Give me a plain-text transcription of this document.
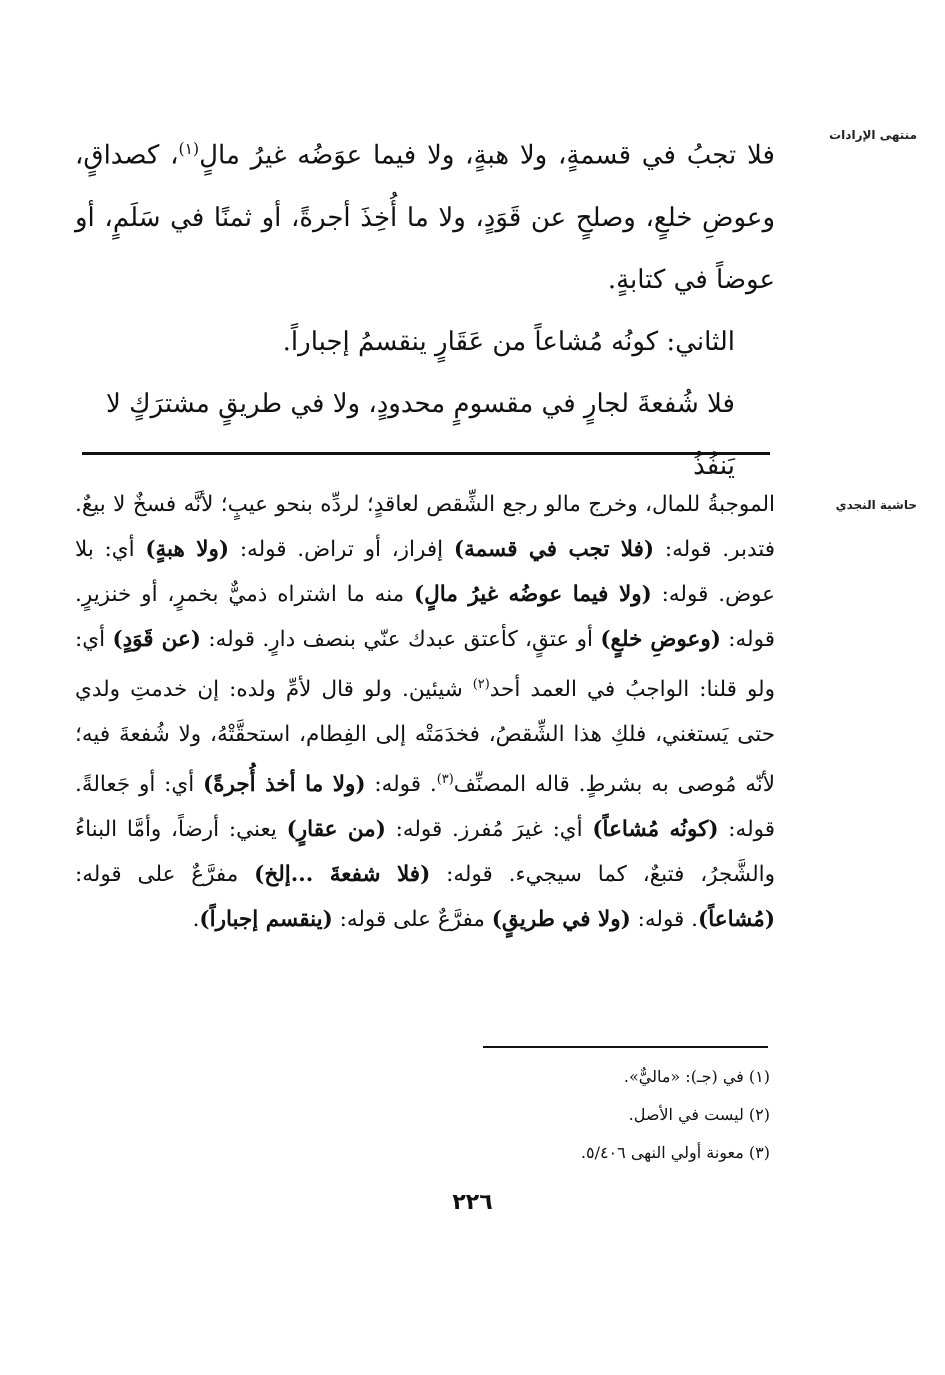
منتهى الإرادات
حاشية النجدي

فلا تجبُ في قسمةٍ، ولا هبةٍ، ولا فيما عوَضُه غيرُ مالٍ$^{(١)}$، كصداقٍ، وعوضِ خلعٍ، وصلحٍ عن قَوَدٍ، ولا ما أُخِذَ أجرةً، أو ثمنًا في سَلَمٍ، أو عوضاً في كتابةٍ.

الثاني: كونُه مُشاعاً من عَقَارٍ ينقسمُ إجباراً.

فلا شُفعةَ لجارٍ في مقسومٍ محدودٍ، ولا في طريقٍ مشترَكٍ لا يَنفُذُ

الموجبةُ للمال، وخرج مالو رجع الشِّقص لعاقدٍ؛ لردِّه بنحو عيبٍ؛ لأنَّه فسخٌ لا بيعٌ. فتدبر. قوله: (فلا تجب في قسمة) إفراز، أو تراض. قوله: (ولا هبةٍ) أي: بلا عوض. قوله: (ولا فيما عوضُه غيرُ مالٍ) منه ما اشتراه ذميٌّ بخمرٍ، أو خنزيرٍ. قوله: (وعوضِ خلعٍ) أو عتقٍ، كأعتق عبدك عنّي بنصف دارٍ. قوله: (عن قَوَدٍ) أي: ولو قلنا: الواجبُ في العمد أحد$^{(٢)}$ شيئين. ولو قال لأمِّ ولده: إن خدمتِ ولدي حتى يَستغني، فلكِ هذا الشِّقصُ، فخدَمَتْه إلى الفِطام، استحقَّتْهُ، ولا شُفعةَ فيه؛ لأنّه مُوصى به بشرطٍ. قاله المصنِّف$^{(٣)}$. قوله: (ولا ما أخذ أُجرةً) أي: أو جَعالةً. قوله: (كونُه مُشاعاً) أي: غيرَ مُفرز. قوله: (من عقارٍ) يعني: أرضاً، وأمَّا البناءُ والشَّجرُ، فتبعٌ، كما سيجيء. قوله: (فلا شفعةَ ...إلخ) مفرَّعٌ على قوله: (مُشاعاً). قوله: (ولا في طريقٍ) مفرَّعٌ على قوله: (ينقسم إجباراً).
(١) في (جـ): «ماليٌّ».
(٢) ليست في الأصل.
(٣) معونة أولي النهى ٥/٤٠٦.
٢٢٦
